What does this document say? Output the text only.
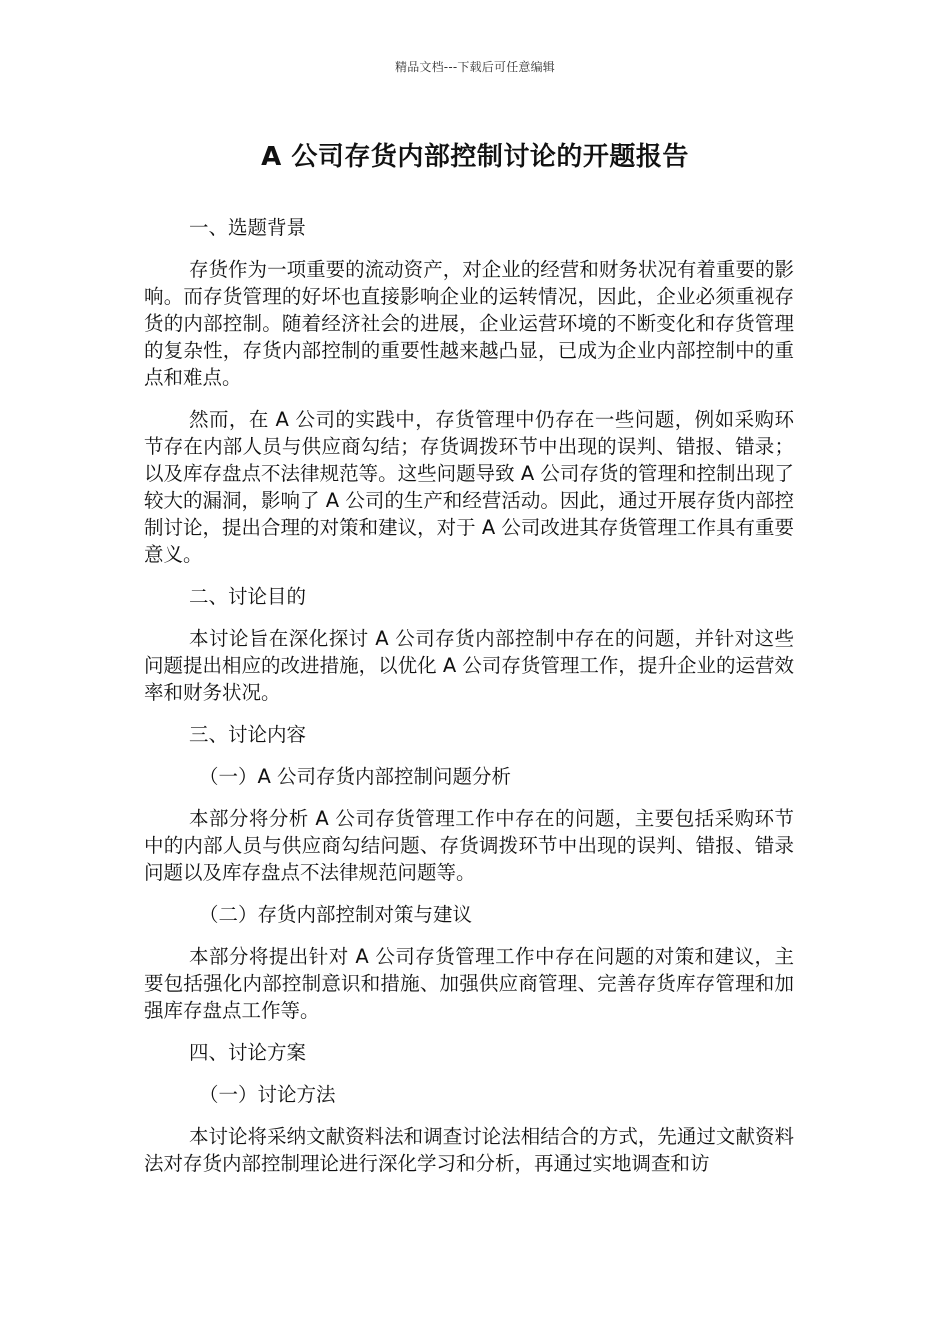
精品文档---下载后可任意编辑
A 公司存货内部控制讨论的开题报告

一、选题背景

存货作为一项重要的流动资产，对企业的经营和财务状况有着重要的影响。而存货管理的好坏也直接影响企业的运转情况，因此，企业必须重视存货的内部控制。随着经济社会的进展，企业运营环境的不断变化和存货管理的复杂性，存货内部控制的重要性越来越凸显，已成为企业内部控制中的重点和难点。

然而，在 A 公司的实践中，存货管理中仍存在一些问题，例如采购环节存在内部人员与供应商勾结；存货调拨环节中出现的误判、错报、错录；以及库存盘点不法律规范等。这些问题导致 A 公司存货的管理和控制出现了较大的漏洞，影响了 A 公司的生产和经营活动。因此，通过开展存货内部控制讨论，提出合理的对策和建议，对于 A 公司改进其存货管理工作具有重要意义。

二、讨论目的

本讨论旨在深化探讨 A 公司存货内部控制中存在的问题，并针对这些问题提出相应的改进措施，以优化 A 公司存货管理工作，提升企业的运营效率和财务状况。

三、讨论内容

（一）A 公司存货内部控制问题分析

本部分将分析 A 公司存货管理工作中存在的问题，主要包括采购环节中的内部人员与供应商勾结问题、存货调拨环节中出现的误判、错报、错录问题以及库存盘点不法律规范问题等。

（二）存货内部控制对策与建议

本部分将提出针对 A 公司存货管理工作中存在问题的对策和建议，主要包括强化内部控制意识和措施、加强供应商管理、完善存货库存管理和加强库存盘点工作等。

四、讨论方案

（一）讨论方法

本讨论将采纳文献资料法和调查讨论法相结合的方式，先通过文献资料法对存货内部控制理论进行深化学习和分析，再通过实地调查和访
